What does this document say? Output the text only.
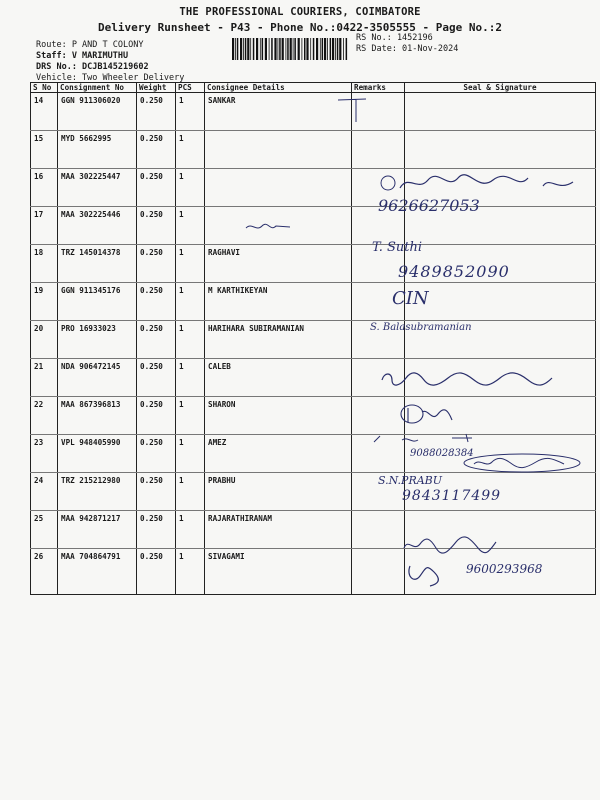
THE PROFESSIONAL COURIERS, COIMBATORE
Delivery Runsheet - P43 - Phone No.:0422-3505555 - Page No.:2
Route: P AND T COLONY
Staff: V MARIMUTHU
DRS No.: DCJB145219602
Vehicle: Two Wheeler Delivery
RS No.: 1452196
RS Date: 01-Nov-2024
S No	Consignment No	Weight	PCS	Consignee Details	Remarks	Seal & Signature
14	GGN 911306020	0.250	1	SANKAR		
15	MYD 5662995	0.250	1			
16	MAA 302225447	0.250	1			
17	MAA 302225446	0.250	1			
18	TRZ 145014378	0.250	1	RAGHAVI		
19	GGN 911345176	0.250	1	M KARTHIKEYAN		
20	PRO 16933023	0.250	1	HARIHARA SUBIRAMANIAN		
21	NDA 906472145	0.250	1	CALEB		
22	MAA 867396813	0.250	1	SHARON		
23	VPL 948405990	0.250	1	AMEZ		
24	TRZ 215212980	0.250	1	PRABHU		
25	MAA 942871217	0.250	1	RAJARATHIRANAM		
26	MAA 704864791	0.250	1	SIVAGAMI		
9626627053
T. Suthi
9489852090
CIN
S. Balasubramanian
9088028384
S.N.PRABU
9843117499
9600293968
